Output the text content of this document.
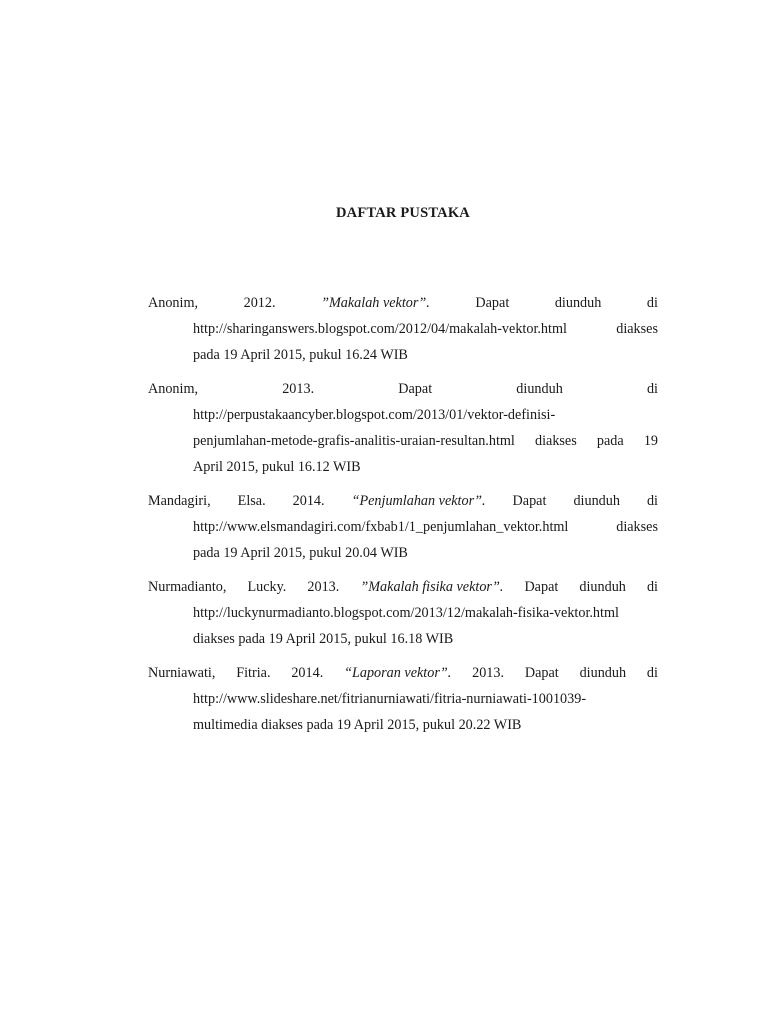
DAFTAR PUSTAKA
Anonim,	2012.	”Makalah vektor”.	Dapat	diunduh	di
http://sharinganswers.blogspot.com/2012/04/makalah-vektor.html	diakses
pada 19 April 2015, pukul 16.24 WIB
Anonim,	2013.	Dapat	diunduh	di
http://perpustakaancyber.blogspot.com/2013/01/vektor-definisi-
penjumlahan-metode-grafis-analitis-uraian-resultan.html diakses pada 19
April 2015, pukul 16.12 WIB
Mandagiri, Elsa. 2014. “Penjumlahan vektor”. Dapat diunduh di
http://www.elsmandagiri.com/fxbab1/1_penjumlahan_vektor.html	diakses
pada 19 April 2015, pukul 20.04 WIB
Nurmadianto, Lucky. 2013. ”Makalah fisika vektor”. Dapat diunduh di
http://luckynurmadianto.blogspot.com/2013/12/makalah-fisika-vektor.html
diakses pada 19 April 2015, pukul 16.18 WIB
Nurniawati, Fitria. 2014. “Laporan vektor”. 2013. Dapat diunduh di
http://www.slideshare.net/fitrianurniawati/fitria-nurniawati-1001039-
multimedia diakses pada 19 April 2015, pukul 20.22 WIB
